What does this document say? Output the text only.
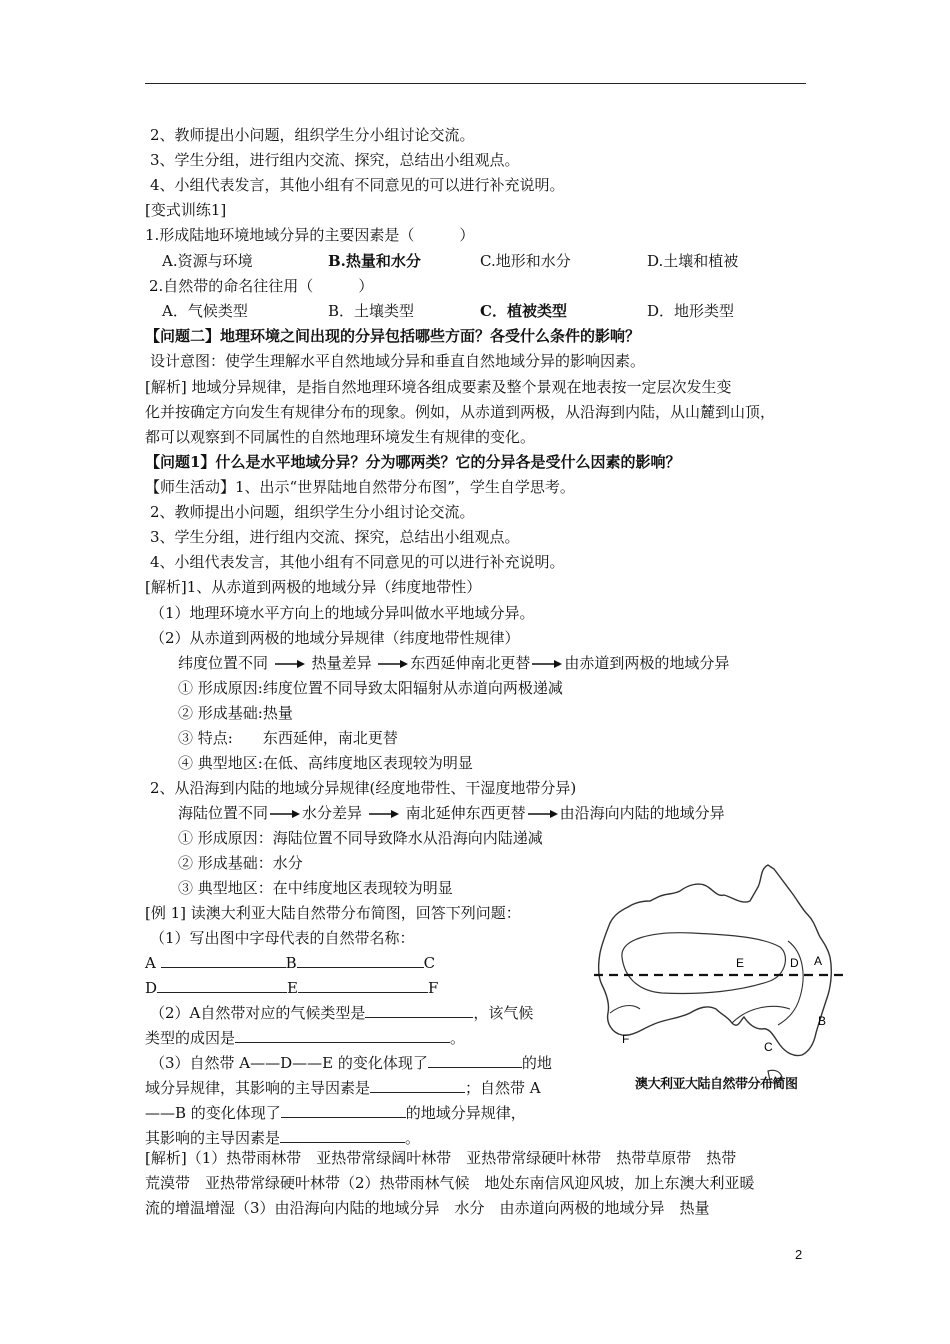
2、教师提出小问题，组织学生分小组讨论交流。
3、学生分组，进行组内交流、探究，总结出小组观点。
4、小组代表发言，其他小组有不同意见的可以进行补充说明。
[变式训练1]
1.形成陆地环境地域分异的主要因素是（　　　）
A.资源与环境	B.热量和水分	C.地形和水分	D.土壤和植被
2.自然带的命名往往用（　　　）
A．气候类型	B．土壤类型	C．植被类型	D．地形类型
【问题二】地理环境之间出现的分异包括哪些方面？各受什么条件的影响？
设计意图：使学生理解水平自然地域分异和垂直自然地域分异的影响因素。
[解析] 地域分异规律，是指自然地理环境各组成要素及整个景观在地表按一定层次发生变
化并按确定方向发生有规律分布的现象。例如，从赤道到两极，从沿海到内陆，从山麓到山顶，
都可以观察到不同属性的自然地理环境发生有规律的变化。
【问题1】什么是水平地域分异？分为哪两类？它的分异各是受什么因素的影响？
【师生活动】1、出示“世界陆地自然带分布图”，学生自学思考。
2、教师提出小问题，组织学生分小组讨论交流。
3、学生分组，进行组内交流、探究，总结出小组观点。
4、小组代表发言，其他小组有不同意见的可以进行补充说明。
[解析]1、从赤道到两极的地域分异（纬度地带性）
（1）地理环境水平方向上的地域分异叫做水平地域分异。
（2）从赤道到两极的地域分异规律（纬度地带性规律）
纬度位置不同	热量差异	东西延伸南北更替 由赤道到两极的地域分异
① 形成原因:纬度位置不同导致太阳辐射从赤道向两极递减
② 形成基础:热量
③ 特点:　　东西延伸，南北更替
④ 典型地区:在低、高纬度地区表现较为明显
2、从沿海到内陆的地域分异规律(经度地带性、干湿度地带分异)
海陆位置不同 水分差异	南北延伸东西更替 由沿海向内陆的地域分异
① 形成原因：海陆位置不同导致降水从沿海向内陆递减
② 形成基础：水分
③ 典型地区：在中纬度地区表现较为明显
[例 1] 读澳大利亚大陆自然带分布简图，回答下列问题：
（1）写出图中字母代表的自然带名称：
A	B	C
D	E	F
（2）A自然带对应的气候类型是	，该气候
类型的成因是	。
（3）自然带 A——D——E 的变化体现了	的地
域分异规律，其影响的主导因素是	；自然带 A
——B 的变化体现了	的地域分异规律，
其影响的主导因素是	。
A
B
C
D
E
F
澳大利亚大陆自然带分布简图
[解析]（1）热带雨林带　亚热带常绿阔叶林带　亚热带常绿硬叶林带　热带草原带　热带
荒漠带　亚热带常绿硬叶林带（2）热带雨林气候　地处东南信风迎风坡，加上东澳大利亚暖
流的增温增湿（3）由沿海向内陆的地域分异　水分　由赤道向两极的地域分异　热量
2
